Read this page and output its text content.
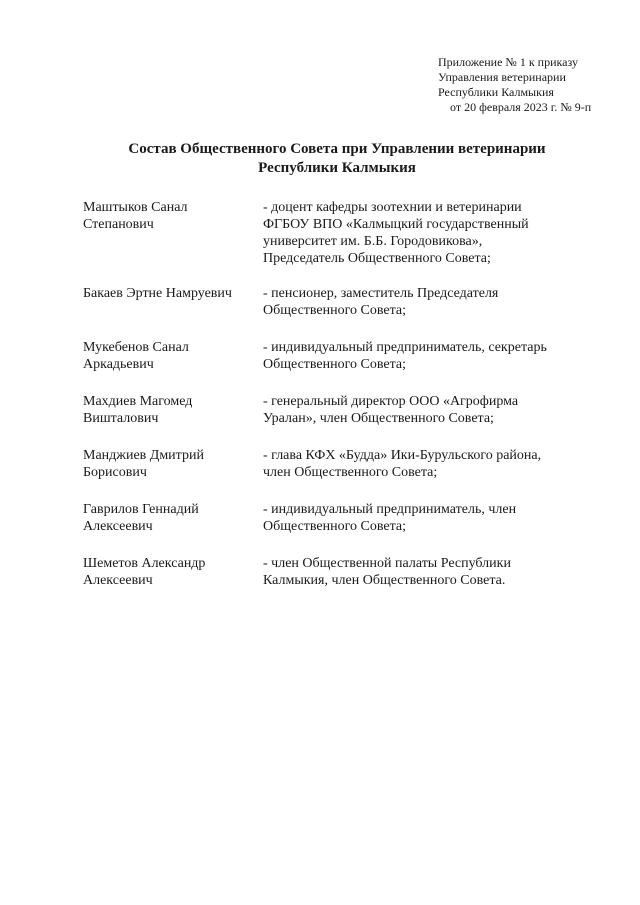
Приложение № 1 к приказу
Управления ветеринарии
Республики Калмыкия
от 20 февраля 2023 г. № 9-п
Состав Общественного Совета при Управлении ветеринарии
Республики Калмыкия
Маштыков Санал
Степанович
- доцент кафедры зоотехнии и ветеринарии
ФГБОУ ВПО «Калмыцкий государственный
университет им. Б.Б. Городовикова»,
Председатель Общественного Совета;
Бакаев Эртне Намруевич	- пенсионер, заместитель Председателя
Общественного Совета;
Мукебенов Санал
Аркадьевич
- индивидуальный предприниматель, секретарь
Общественного Совета;
Махдиев Магомед
Вишталович
- генеральный директор ООО «Агрофирма
Уралан», член Общественного Совета;
Манджиев Дмитрий
Борисович
- глава КФХ «Будда» Ики-Бурульского района,
член Общественного Совета;
Гаврилов Геннадий
Алексеевич
- индивидуальный предприниматель, член
Общественного Совета;
Шеметов Александр
Алексеевич
- член Общественной палаты Республики
Калмыкия, член Общественного Совета.
